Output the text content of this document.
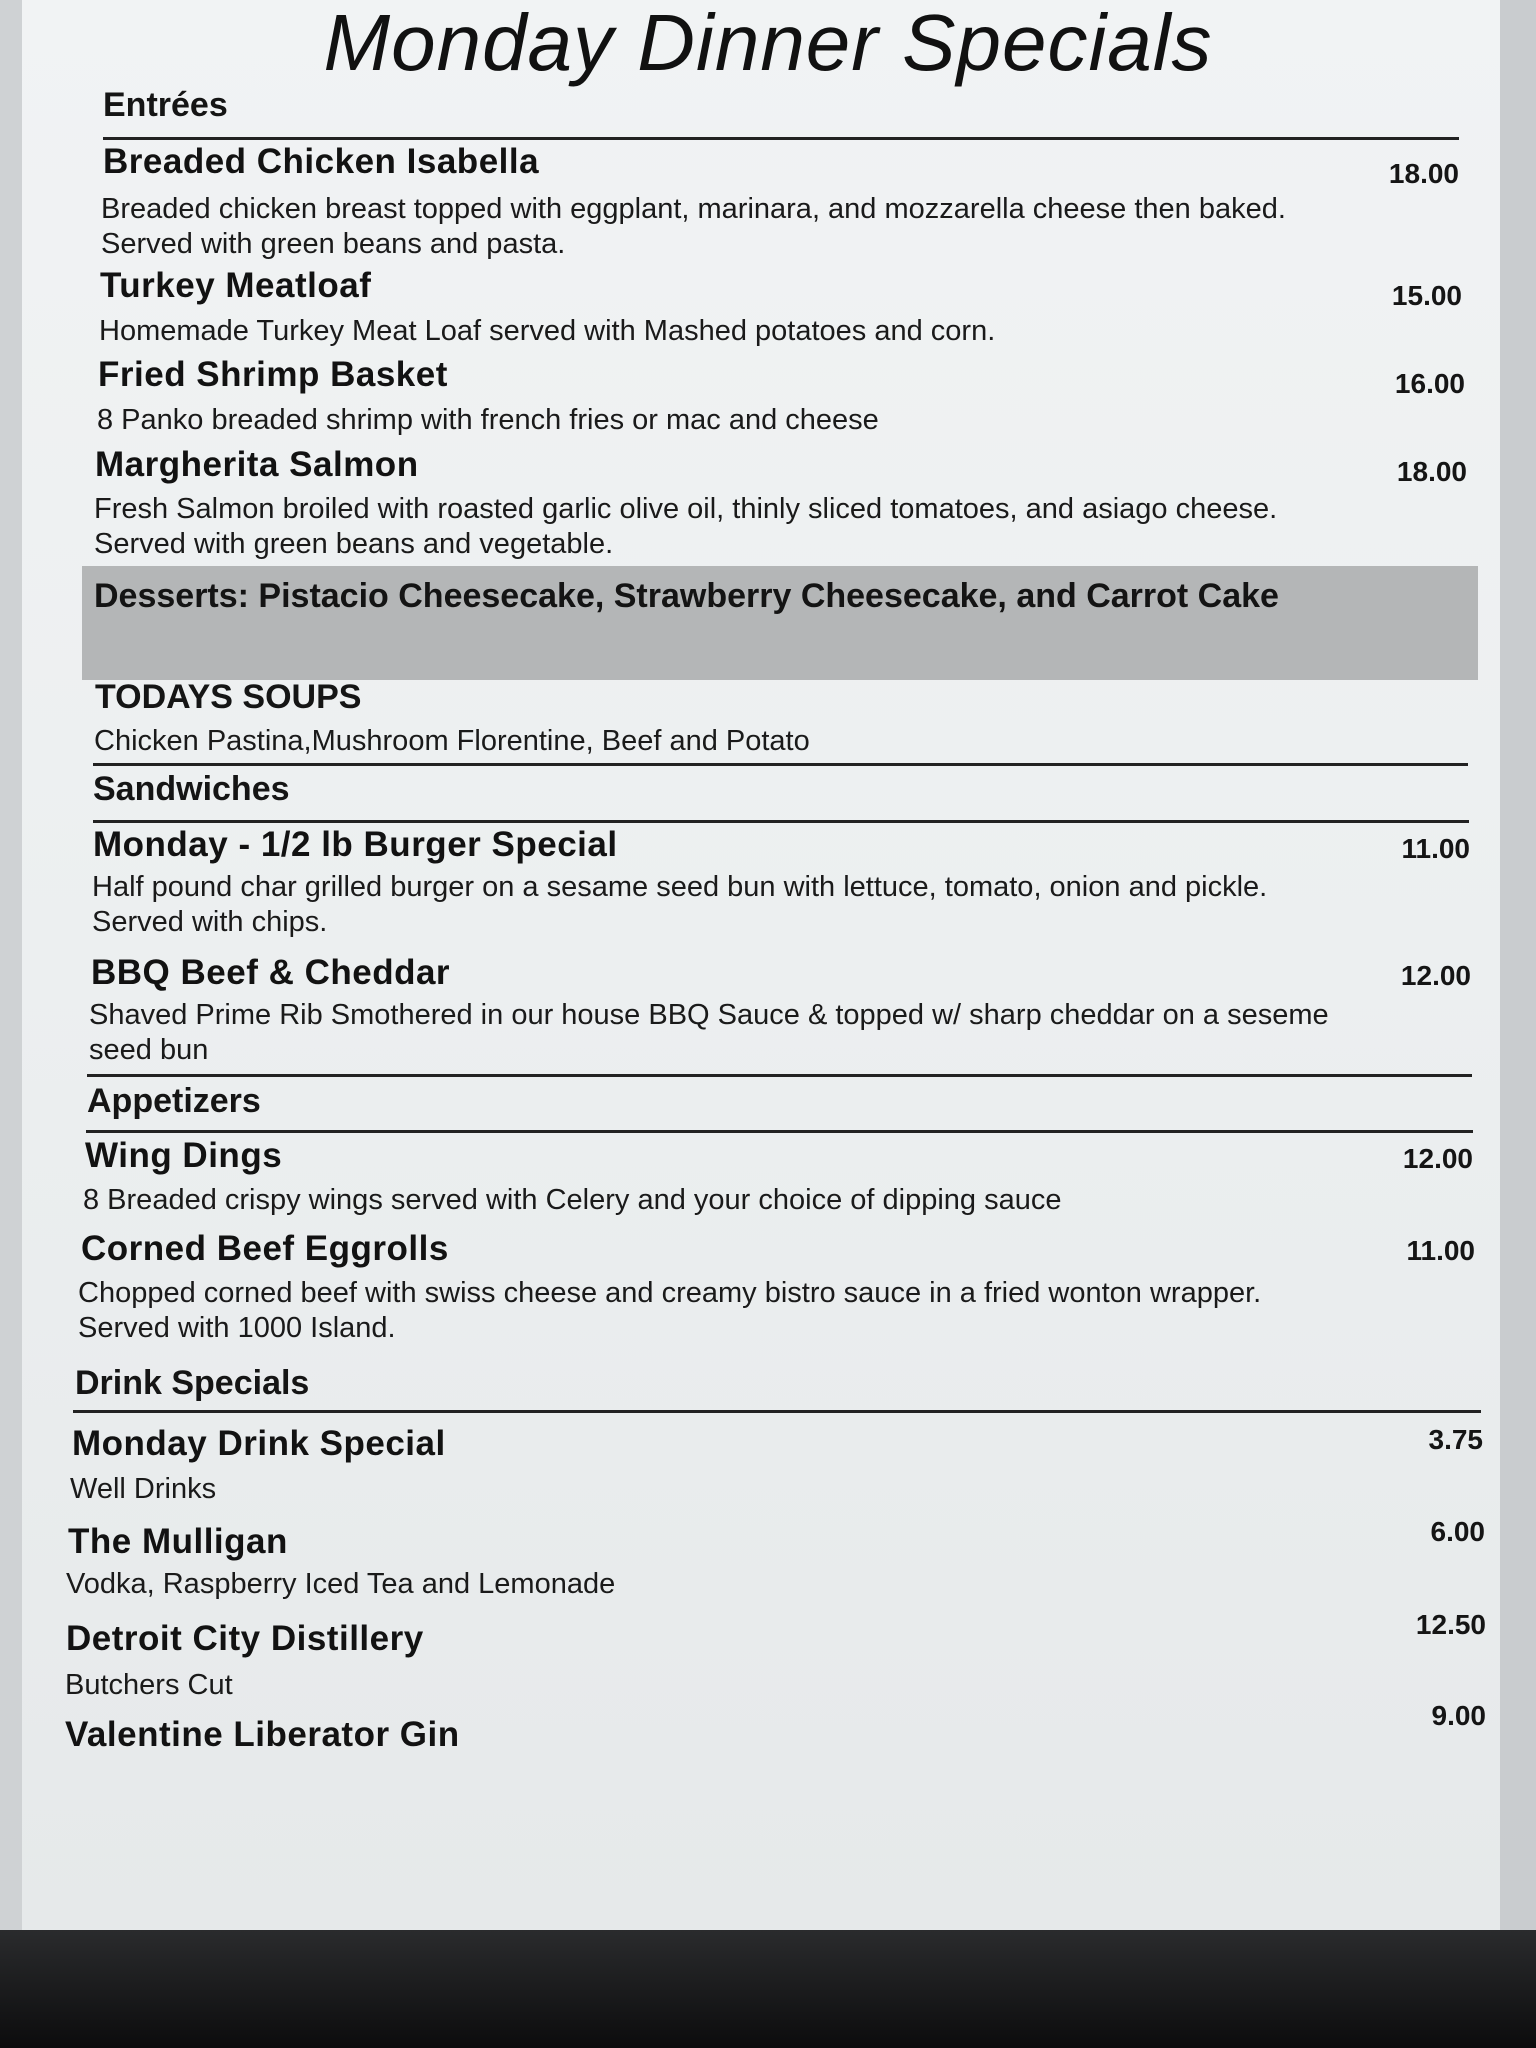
Monday Dinner Specials
Entrées
Breaded Chicken Isabella	18.00
Breaded chicken breast topped with eggplant, marinara, and mozzarella cheese then baked. Served with green beans and pasta.
Turkey Meatloaf	15.00
Homemade Turkey Meat Loaf served with Mashed potatoes and corn.
Fried Shrimp Basket	16.00
8 Panko breaded shrimp with french fries or mac and cheese
Margherita Salmon	18.00
Fresh Salmon broiled with roasted garlic olive oil, thinly sliced tomatoes, and asiago cheese. Served with green beans and vegetable.
Desserts: Pistacio Cheesecake, Strawberry Cheesecake, and Carrot Cake
TODAYS SOUPS
Chicken Pastina,Mushroom Florentine, Beef and Potato
Sandwiches
Monday - 1/2 lb Burger Special	11.00
Half pound char grilled burger on a sesame seed bun with lettuce, tomato, onion and pickle. Served with chips.
BBQ Beef & Cheddar	12.00
Shaved Prime Rib Smothered in our house BBQ Sauce & topped w/ sharp cheddar on a seseme seed bun
Appetizers
Wing Dings	12.00
8 Breaded crispy wings served with Celery and your choice of dipping sauce
Corned Beef Eggrolls	11.00
Chopped corned beef with swiss cheese and creamy bistro sauce in a fried wonton wrapper. Served with 1000 Island.
Drink Specials
Monday Drink Special	3.75
Well Drinks
The Mulligan	6.00
Vodka, Raspberry Iced Tea and Lemonade
Detroit City Distillery	12.50
Butchers Cut
Valentine Liberator Gin	9.00
